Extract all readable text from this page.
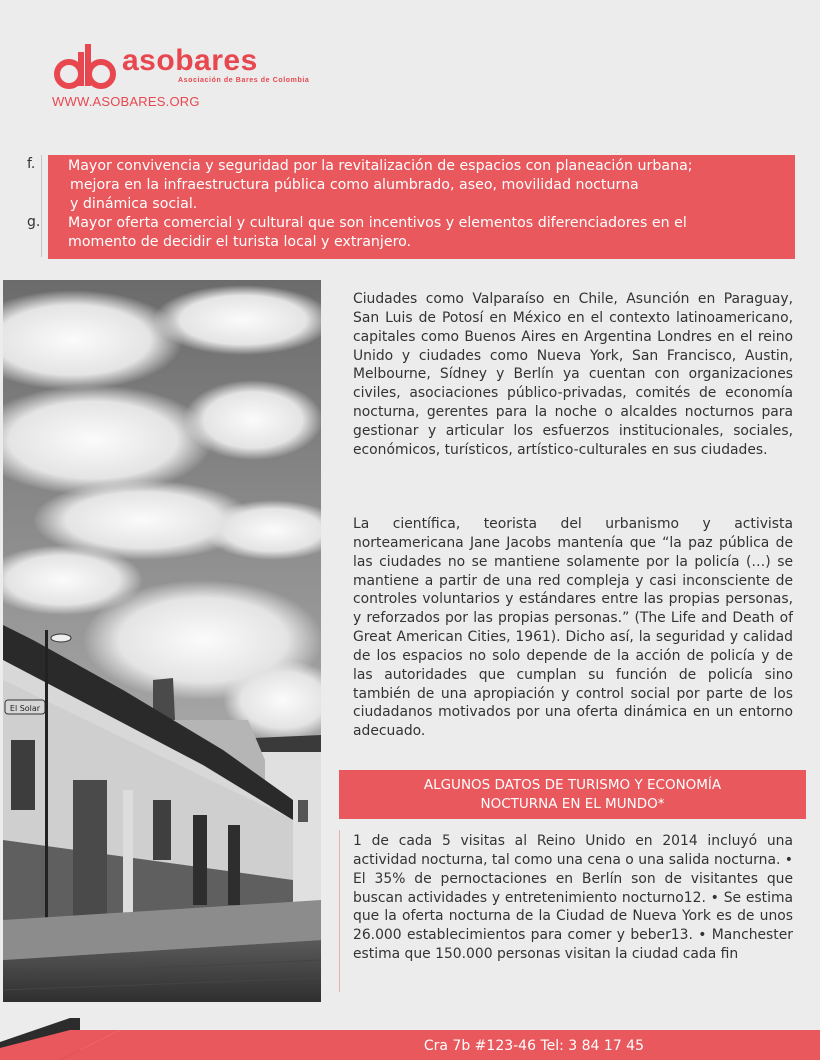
asobares
Asociación de Bares de Colombia
WWW.ASOBARES.ORG
f.
g.
Mayor convivencia y seguridad por la revitalización de espacios con planeación urbana;
mejora en la infraestructura pública como alumbrado, aseo, movilidad nocturna
y dinámica social.
Mayor oferta comercial y cultural que son incentivos y elementos diferenciadores en el
momento de decidir el turista local y extranjero.
El Solar

Ciudades como Valparaíso en Chile, Asunción en Paraguay, San Luis de Potosí en México en el contexto latinoamericano, capitales como Buenos Aires en Argentina Londres en el reino Unido y ciudades como Nueva York, San Francisco, Austin, Melbourne, Sídney y Berlín ya cuentan con organizaciones civiles, asociaciones público-privadas, comités de economía nocturna, gerentes para la noche o alcaldes nocturnos para gestionar y articular los esfuerzos institucionales, sociales, económicos, turísticos, artístico-culturales en sus ciudades.

La científica, teorista del urbanismo y activista norteamericana Jane Jacobs mantenía que “la paz pública de las ciudades no se mantiene solamente por la policía (…) se mantiene a partir de una red compleja y casi inconsciente de controles voluntarios y estándares entre las propias personas, y reforzados por las propias personas.” (The Life and Death of Great American Cities, 1961). Dicho así, la seguridad y calidad de los espacios no solo depende de la acción de policía y de las autoridades que cumplan su función de policía sino también de una apropiación y control social por parte de los ciudadanos motivados por una oferta dinámica en un entorno adecuado.

ALGUNOS DATOS DE TURISMO Y ECONOMÍA
NOCTURNA EN EL MUNDO*

1 de cada 5 visitas al Reino Unido en 2014 incluyó una actividad nocturna, tal como una cena o una salida nocturna. • El 35% de pernoctaciones en Berlín son de visitantes que buscan actividades y entretenimiento nocturno12. • Se estima que la oferta nocturna de la Ciudad de Nueva York es de unos 26.000 establecimientos para comer y beber13. • Manchester estima que 150.000 personas visitan la ciudad cada fin

Cra 7b #123-46 Tel: 3 84 17 45
